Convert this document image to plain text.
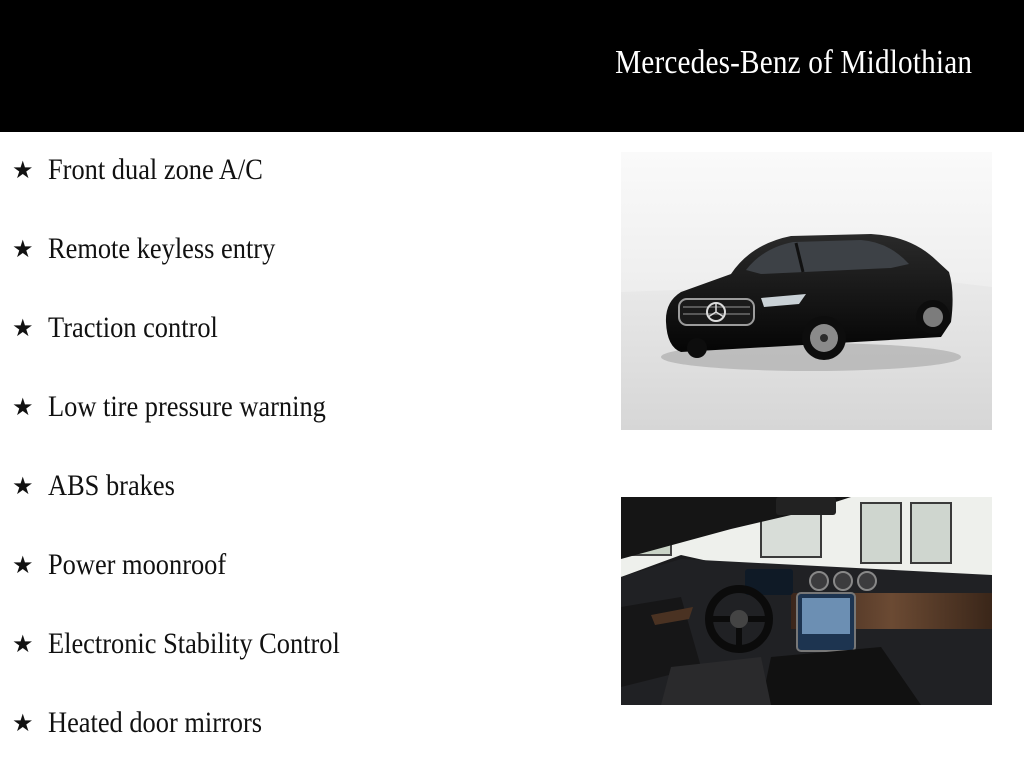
Mercedes-Benz of Midlothian
★ Front dual zone A/C
★ Remote keyless entry
★ Traction control
★ Low tire pressure warning
★ ABS brakes
★ Power moonroof
★ Electronic Stability Control
★ Heated door mirrors
